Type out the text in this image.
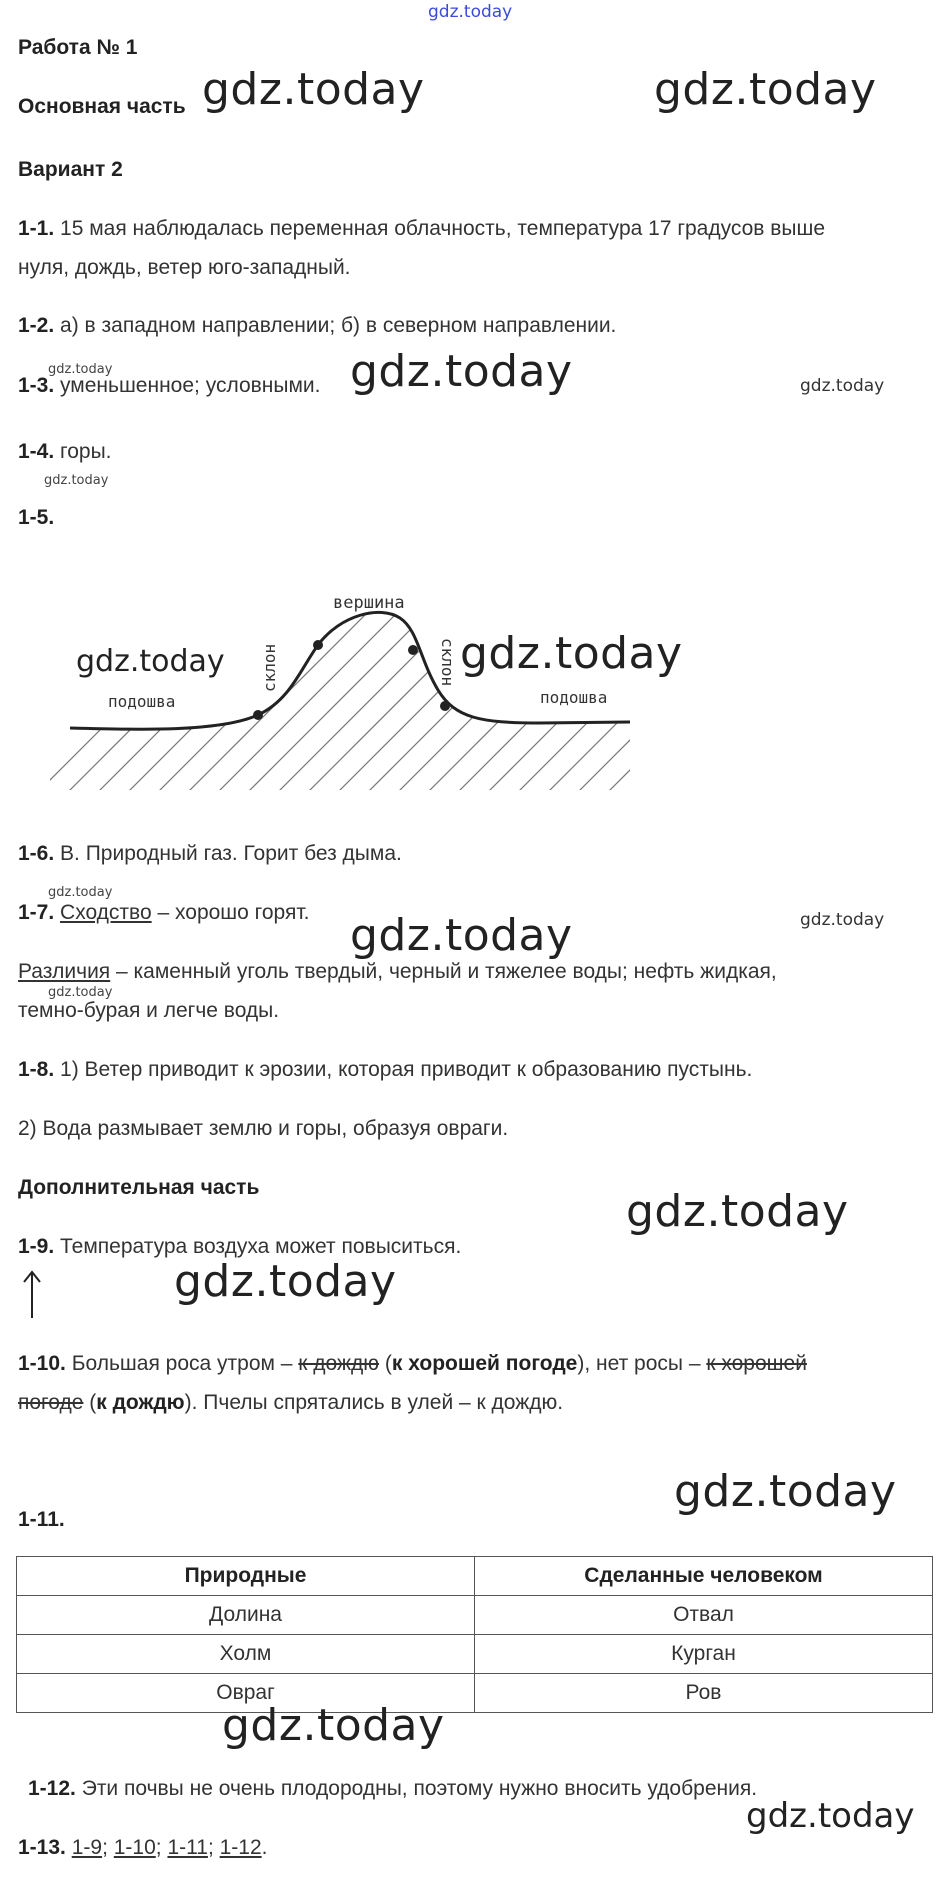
gdz.today
Работа № 1
Основная часть gdz.today	gdz.today
Вариант 2
1-1. 15 мая наблюдалась переменная облачность, температура 17 градусов выше
нуля, дождь, ветер юго-западный.
1-2. а) в западном направлении; б) в северном направлении.
gdz.today
1-3. уменьшенное; условными. gdz.today	gdz.today
1-4. горы.
gdz.today
1-5.
вершина
подошва	подошва
склон	склон
gdz.today	gdz.today
1-6. В. Природный газ. Горит без дыма.
gdz.today
1-7. Сходство – хорошо горят. gdz.today	gdz.today
Различия – каменный уголь твердый, черный и тяжелее воды; нефть жидкая,
gdz.today
темно-бурая и легче воды.
1-8. 1) Ветер приводит к эрозии, которая приводит к образованию пустынь.
2) Вода размывает землю и горы, образуя овраги.
Дополнительная часть	gdz.today
1-9. Температура воздуха может повыситься.
gdz.today
1-10. Большая роса утром – к дождю (к хорошей погоде), нет росы – к хорошей
погоде (к дождю). Пчелы спрятались в улей – к дождю.
gdz.today
1-11.
Природные	Сделанные человеком
Долина	Отвал
Холм	Курган
Овраг	Ров
gdz.today
1-12. Эти почвы не очень плодородны, поэтому нужно вносить удобрения.
gdz.today
1-13. 1-9; 1-10; 1-11; 1-12.
